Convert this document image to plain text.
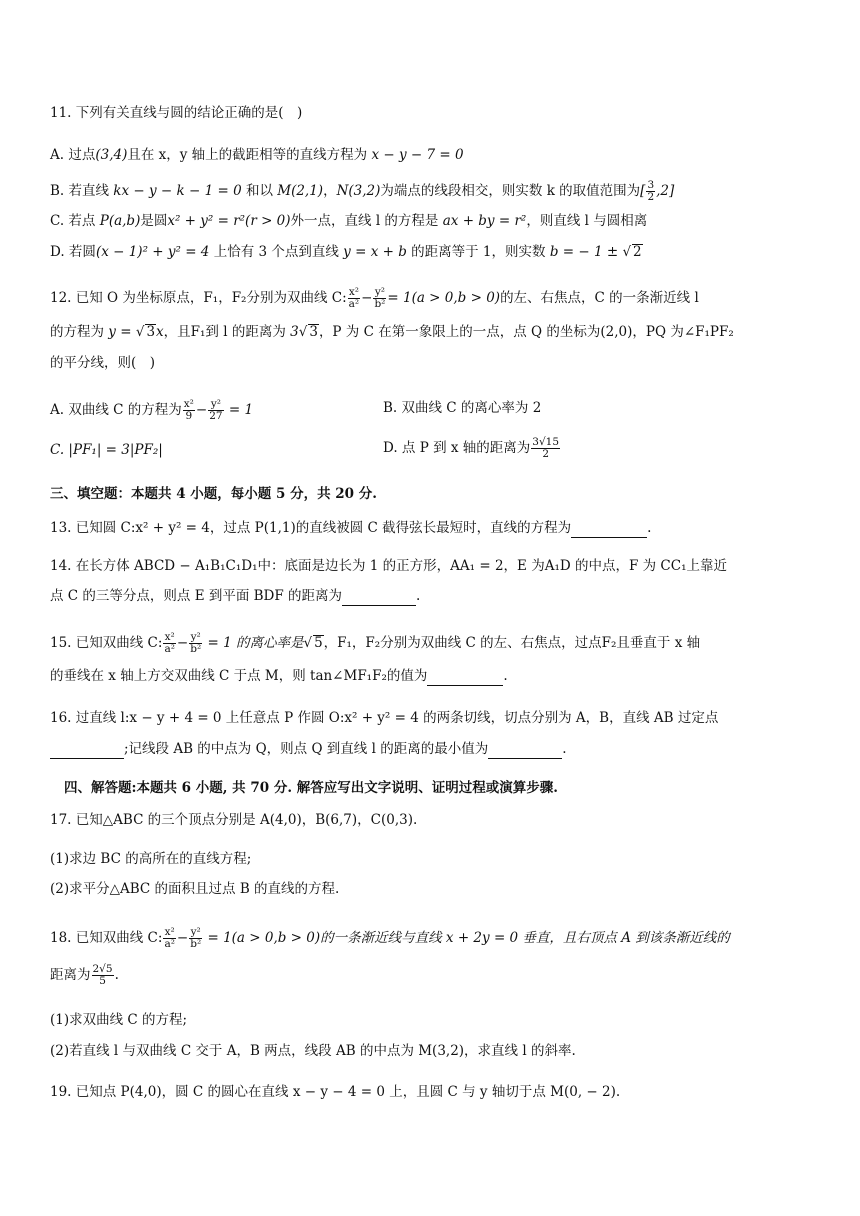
11. 下列有关直线与圆的结论正确的是(　)
A. 过点(3,4)且在 x，y 轴上的截距相等的直线方程为 x − y − 7 = 0
B. 若直线 kx − y − k − 1 = 0 和以 M(2,1)，N(3,2)为端点的线段相交，则实数 k 的取值范围为[ $\frac{3}{2} ,2$]
C. 若点 P(a,b)是圆x² + y² = r²(r > 0)外一点，直线 l 的方程是 ax + by = r²，则直线 l 与圆相离
D. 若圆(x − 1)² + y² = 4 上恰有 3 个点到直线 y = x + b 的距离等于 1，则实数 b = − 1 ± √ 2
12. 已知 O 为坐标原点，F₁，F₂分别为双曲线 C: $\frac{\text{x²}}{\text{a²}} - \frac{\text{y²}}{\text{b²}} = 1(a > 0,b > 0)$的左、右焦点，C 的一条渐近线 l
的方程为 y = √ 3x，且F₁到 l 的距离为 3√ 3，P 为 C 在第一象限上的一点，点 Q 的坐标为(2,0)，PQ 为∠F₁PF₂
的平分线，则(　)
A. 双曲线 C 的方程为 $\frac{\text{x²}}{9} - \frac{\text{y²}}{27} = 1$	B. 双曲线 C 的离心率为 2
C. |PF₁| = 3|PF₂|	D. 点 P 到 x 轴的距离为 $\frac{3√15}{2}$
三、填空题：本题共 4 小题，每小题 5 分，共 20 分.
13. 已知圆 C:x² + y² = 4，过点 P(1,1)的直线被圆 C 截得弦长最短时，直线的方程为	.
14. 在长方体 ABCD − A₁B₁C₁D₁中：底面是边长为 1 的正方形，AA₁ = 2，E 为A₁D 的中点，F 为 CC₁上靠近
点 C 的三等分点，则点 E 到平面 BDF 的距离为	.
15. 已知双曲线 C: $\frac{\text{x²}}{\text{a²}} - \frac{\text{y²}}{\text{b²}} = 1$ 的离心率是√ 5，F₁，F₂分别为双曲线 C 的左、右焦点，过点F₂且垂直于 x 轴
的垂线在 x 轴上方交双曲线 C 于点 M，则 tan∠MF₁F₂的值为	.
16. 过直线 l:x − y + 4 = 0 上任意点 P 作圆 O:x² + y² = 4 的两条切线，切点分别为 A，B，直线 AB 过定点
;记线段 AB 的中点为 Q，则点 Q 到直线 l 的距离的最小值为	.
四、解答题:本题共 6 小题, 共 70 分. 解答应写出文字说明、证明过程或演算步骤.
17. 已知△ABC 的三个顶点分别是 A(4,0)，B(6,7)，C(0,3).
(1)求边 BC 的高所在的直线方程;
(2)求平分△ABC 的面积且过点 B 的直线的方程.
18. 已知双曲线 C: $\frac{\text{x²}}{\text{a²}} - \frac{\text{y²}}{\text{b²}} = 1(a > 0,b > 0)$的一条渐近线与直线 x + 2y = 0 垂直，且右顶点 A 到该条渐近线的
距离为 $\frac{2√5}{5}$ .
(1)求双曲线 C 的方程;
(2)若直线 l 与双曲线 C 交于 A，B 两点，线段 AB 的中点为 M(3,2)，求直线 l 的斜率.
19. 已知点 P(4,0)，圆 C 的圆心在直线 x − y − 4 = 0 上，且圆 C 与 y 轴切于点 M(0, − 2).
